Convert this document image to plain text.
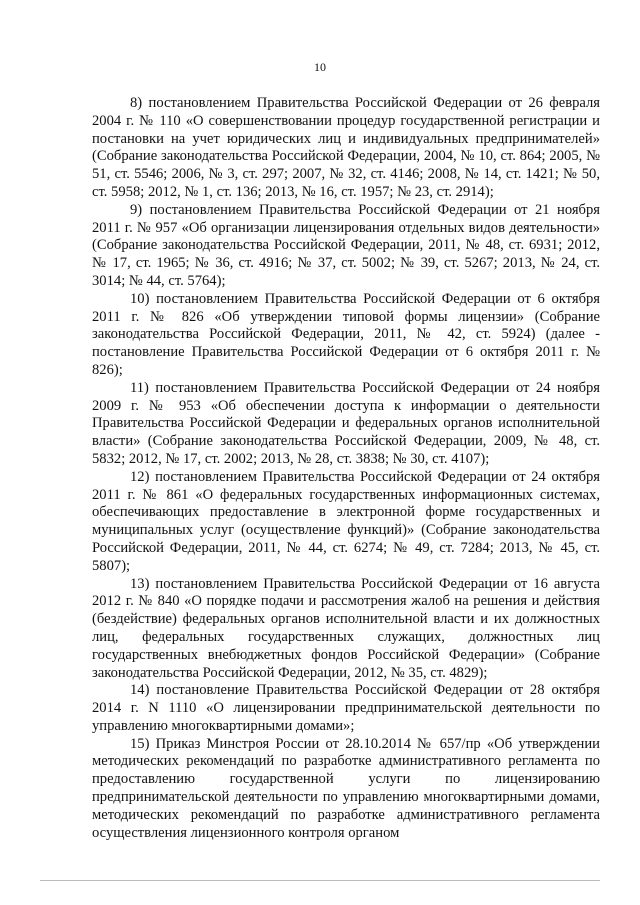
10

8) постановлением Правительства Российской Федерации от 26 февраля 2004 г. № 110 «О совершенствовании процедур государственной регистрации и постановки на учет юридических лиц и индивидуальных предпринимателей» (Собрание законодательства Российской Федерации, 2004, № 10, ст. 864; 2005, № 51, ст. 5546; 2006, № 3, ст. 297; 2007, № 32, ст. 4146; 2008, № 14, ст. 1421; № 50, ст. 5958; 2012, № 1, ст. 136; 2013, № 16, ст. 1957; № 23, ст. 2914);

9) постановлением Правительства Российской Федерации от 21 ноября 2011 г. № 957 «Об организации лицензирования отдельных видов деятельности» (Собрание законодательства Российской Федерации, 2011, № 48, ст. 6931; 2012, № 17, ст. 1965; № 36, ст. 4916; № 37, ст. 5002; № 39, ст. 5267; 2013, № 24, ст. 3014; № 44, ст. 5764);

10) постановлением Правительства Российской Федерации от 6 октября 2011 г. № 826 «Об утверждении типовой формы лицензии» (Собрание законодательства Российской Федерации, 2011, № 42, ст. 5924) (далее - постановление Правительства Российской Федерации от 6 октября 2011 г. № 826);

11) постановлением Правительства Российской Федерации от 24 ноября 2009 г. № 953 «Об обеспечении доступа к информации о деятельности Правительства Российской Федерации и федеральных органов исполнительной власти» (Собрание законодательства Российской Федерации, 2009, № 48, ст. 5832; 2012, № 17, ст. 2002; 2013, № 28, ст. 3838; № 30, ст. 4107);

12) постановлением Правительства Российской Федерации от 24 октября 2011 г. № 861 «О федеральных государственных информационных системах, обеспечивающих предоставление в электронной форме государственных и муниципальных услуг (осуществление функций)» (Собрание законодательства Российской Федерации, 2011, № 44, ст. 6274; № 49, ст. 7284; 2013, № 45, ст. 5807);

13) постановлением Правительства Российской Федерации от 16 августа 2012 г. № 840 «О порядке подачи и рассмотрения жалоб на решения и действия (бездействие) федеральных органов исполнительной власти и их должностных лиц, федеральных государственных служащих, должностных лиц государственных внебюджетных фондов Российской Федерации» (Собрание законодательства Российской Федерации, 2012, № 35, ст. 4829);

14) постановление Правительства Российской Федерации от 28 октября 2014 г. N 1110 «О лицензировании предпринимательской деятельности по управлению многоквартирными домами»;

15) Приказ Минстроя России от 28.10.2014 № 657/пр «Об утверждении методических рекомендаций по разработке административного регламента по предоставлению государственной услуги по лицензированию предпринимательской деятельности по управлению многоквартирными домами, методических рекомендаций по разработке административного регламента осуществления лицензионного контроля органом
